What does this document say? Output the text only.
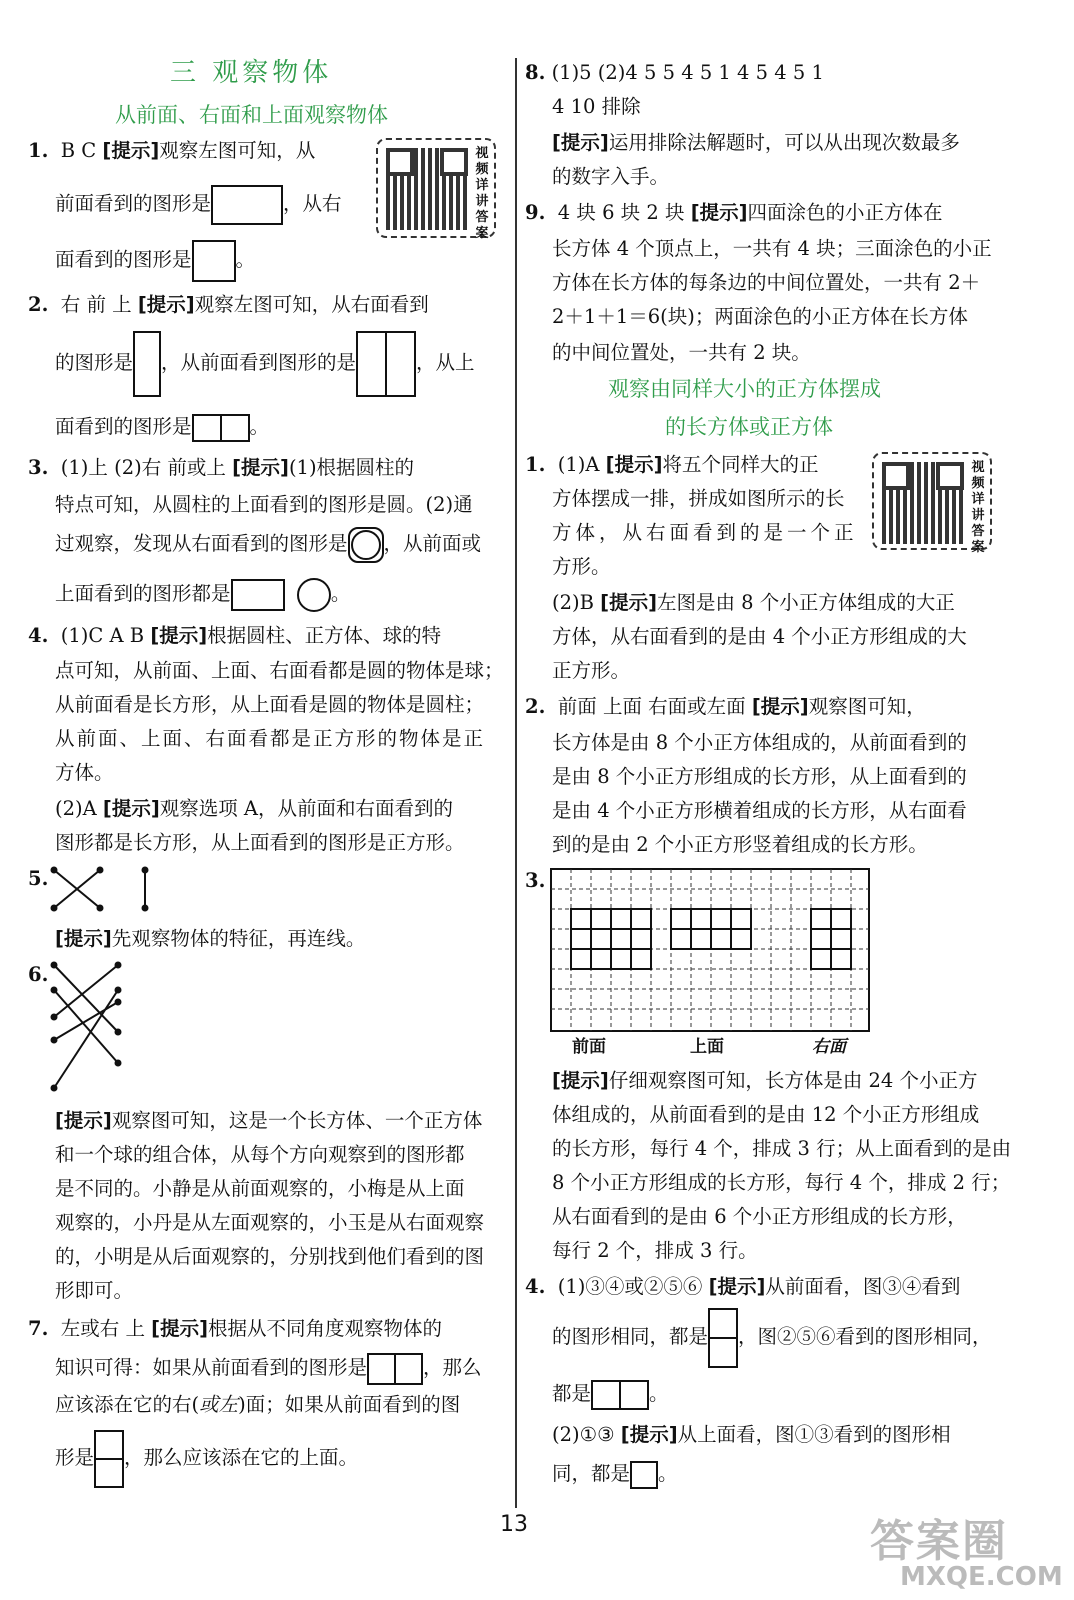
三 观察物体
从前面、右面和上面观察物体
1. B C [提示]观察左图可知，从	视频详讲答案
前面看到的图形是	，从右
面看到的图形是 。
2. 右 前 上 [提示]观察左图可知，从右面看到
的图形是 ，从前面看到图形的是	，从上
面看到的图形是	。
3. (1)上 (2)右 前或上 [提示](1)根据圆柱的
特点可知，从圆柱的上面看到的图形是圆。(2)通
过观察，发现从右面看到的图形是 ，从前面或
上面看到的图形都是	。
4. (1)C A B [提示]根据圆柱、正方体、球的特
点可知，从前面、上面、右面看都是圆的物体是球；
从前面看是长方形，从上面看是圆的物体是圆柱；
从前面、上面、右面看都是正方形的物体是正
方体。
(2)A [提示]观察选项 A，从前面和右面看到的
图形都是长方形，从上面看到的图形是正方形。
5.
[提示]先观察物体的特征，再连线。
6.
[提示]观察图可知，这是一个长方体、一个正方体
和一个球的组合体，从每个方向观察到的图形都
是不同的。小静是从前面观察的，小梅是从上面
观察的，小丹是从左面观察的，小玉是从右面观察
的，小明是从后面观察的，分别找到他们看到的图
形即可。
7. 左或右 上 [提示]根据从不同角度观察物体的
知识可得：如果从前面看到的图形是	，那么
应该添在它的右(或左)面；如果从前面看到的图
形是 ，那么应该添在它的上面。
8. (1)5 (2)4 5 5 4 5 1 4 5 4 5 1
4 10 排除
[提示]运用排除法解题时，可以从出现次数最多
的数字入手。
9. 4 块 6 块 2 块 [提示]四面涂色的小正方体在
长方体 4 个顶点上，一共有 4 块；三面涂色的小正
方体在长方体的每条边的中间位置处，一共有 2＋
2＋1＋1＝6(块)；两面涂色的小正方体在长方体
的中间位置处，一共有 2 块。
观察由同样大小的正方体摆成
的长方体或正方体
1. (1)A [提示]将五个同样大的正	视频详讲答案
方体摆成一排，拼成如图所示的长
方体，从右面看到的是一个正
方形。
(2)B [提示]左图是由 8 个小正方体组成的大正
方体，从右面看到的是由 4 个小正方形组成的大
正方形。
2. 前面 上面 右面或左面 [提示]观察图可知，
长方体是由 8 个小正方体组成的，从前面看到的
是由 8 个小正方形组成的长方形，从上面看到的
是由 4 个小正方形横着组成的长方形，从右面看
到的是由 2 个小正方形竖着组成的长方形。
3.
前面	上面	右面
[提示]仔细观察图可知，长方体是由 24 个小正方
体组成的，从前面看到的是由 12 个小正方形组成
的长方形，每行 4 个，排成 3 行；从上面看到的是由
8 个小正方形组成的长方形，每行 4 个，排成 2 行；
从右面看到的是由 6 个小正方形组成的长方形，
每行 2 个，排成 3 行。
4. (1)③④或②⑤⑥ [提示]从前面看，图③④看到
的图形相同，都是 ，图②⑤⑥看到的图形相同，
都是	。
(2)①③ [提示]从上面看，图①③看到的图形相
同，都是 。
13	答案圈
MXQE.COM
